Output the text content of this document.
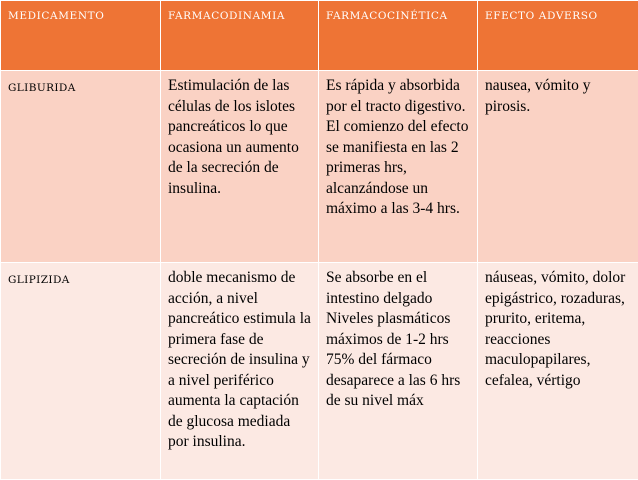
MEDICAMENTO	FARMACODINAMIA	FARMACOCINÉTICA	EFECTO ADVERSO
GLIBURIDA	Estimulación de las células de los islotes pancreáticos lo que ocasiona un aumento de la secreción de insulina.	Es rápida y absorbida por el tracto digestivo. El comienzo del efecto se manifiesta en las 2 primeras hrs, alcanzándose un máximo a las 3-4 hrs.	nausea, vómito y pirosis.
GLIPIZIDA	doble mecanismo de acción, a nivel pancreático estimula la primera fase de secreción de insulina y a nivel periférico aumenta la captación de glucosa mediada por insulina.	Se absorbe en el intestino delgado Niveles plasmáticos máximos de 1-2 hrs 75% del fármaco desaparece a las 6 hrs de su nivel máx	náuseas, vómito, dolor epigástrico, rozaduras, prurito, eritema, reacciones maculopapilares, cefalea, vértigo
